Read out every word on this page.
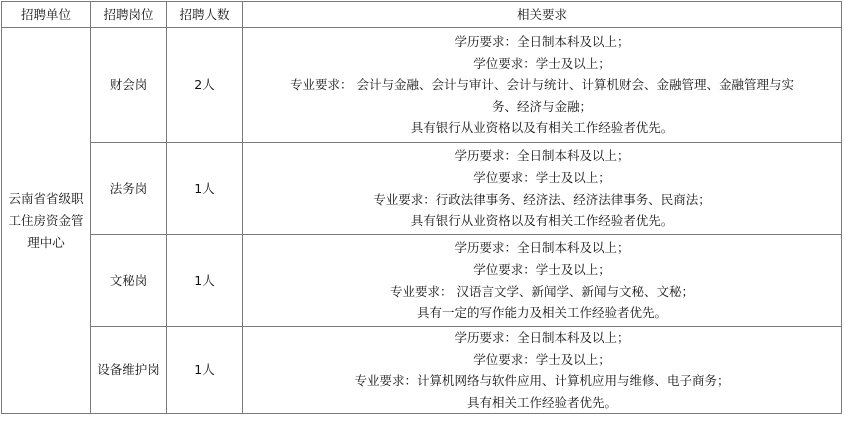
招聘单位	招聘岗位	招聘人数	相关要求

云南省省级职工住房资金管理中心	财会岗	2人	学历要求：全日制本科及以上；
学位要求：学士及以上；
专业要求： 会计与金融、会计与审计、会计与统计、计算机财会、金融管理、金融管理与实
务、经济与金融；
具有银行从业资格以及有相关工作经验者优先。

	法务岗	1人	学历要求：全日制本科及以上；
学位要求：学士及以上；
专业要求：行政法律事务、经济法、经济法律事务、民商法；
具有银行从业资格以及有相关工作经验者优先。

	文秘岗	1人	学历要求：全日制本科及以上；
学位要求：学士及以上；
专业要求： 汉语言文学、新闻学、新闻与文秘、文秘；
具有一定的写作能力及相关工作经验者优先。

	设备维护岗	1人	学历要求：全日制本科及以上；
学位要求：学士及以上；
专业要求：计算机网络与软件应用、计算机应用与维修、电子商务；
具有相关工作经验者优先。
